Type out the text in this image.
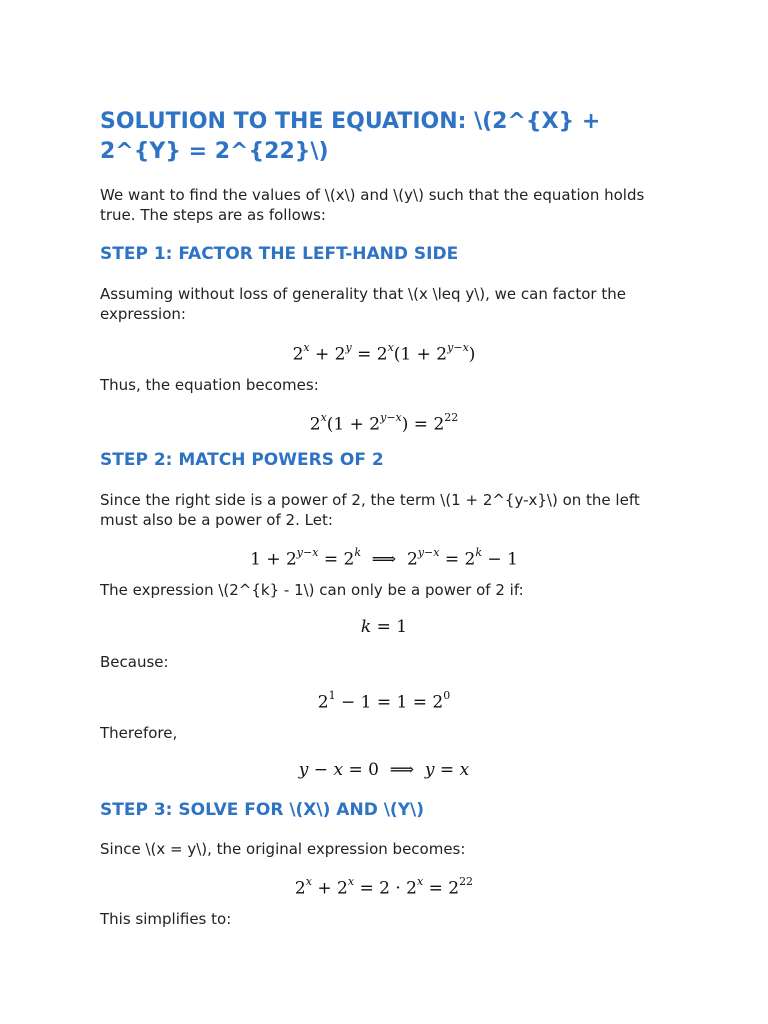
SOLUTION TO THE EQUATION: \(2^{X} + 2^{Y} = 2^{22}\)

We want to find the values of \(x\) and \(y\) such that the equation holds true. The steps are as follows:

STEP 1: FACTOR THE LEFT-HAND SIDE

Assuming without loss of generality that \(x \leq y\), we can factor the expression:

$2^x + 2^y = 2^x(1 + 2^{y-x})$

Thus, the equation becomes:

$2^x(1 + 2^{y-x}) = 2^{22}$
STEP 2: MATCH POWERS OF 2

Since the right side is a power of 2, the term \(1 + 2^{y-x}\) on the left must also be a power of 2. Let:

$1 + 2^{y-x} = 2^k$  ⟹  $2^{y-x} = 2^k - 1$

The expression \(2^{k} - 1\) can only be a power of 2 if:

k = 1

Because:

$2^1 - 1 = 1 = 2^0$

Therefore,

y − x = 0  ⟹  y = x
STEP 3: SOLVE FOR \(X\) AND \(Y\)

Since \(x = y\), the original expression becomes:

$2^x + 2^x = 2 \cdot 2^x = 2^{22}$

This simplifies to:
